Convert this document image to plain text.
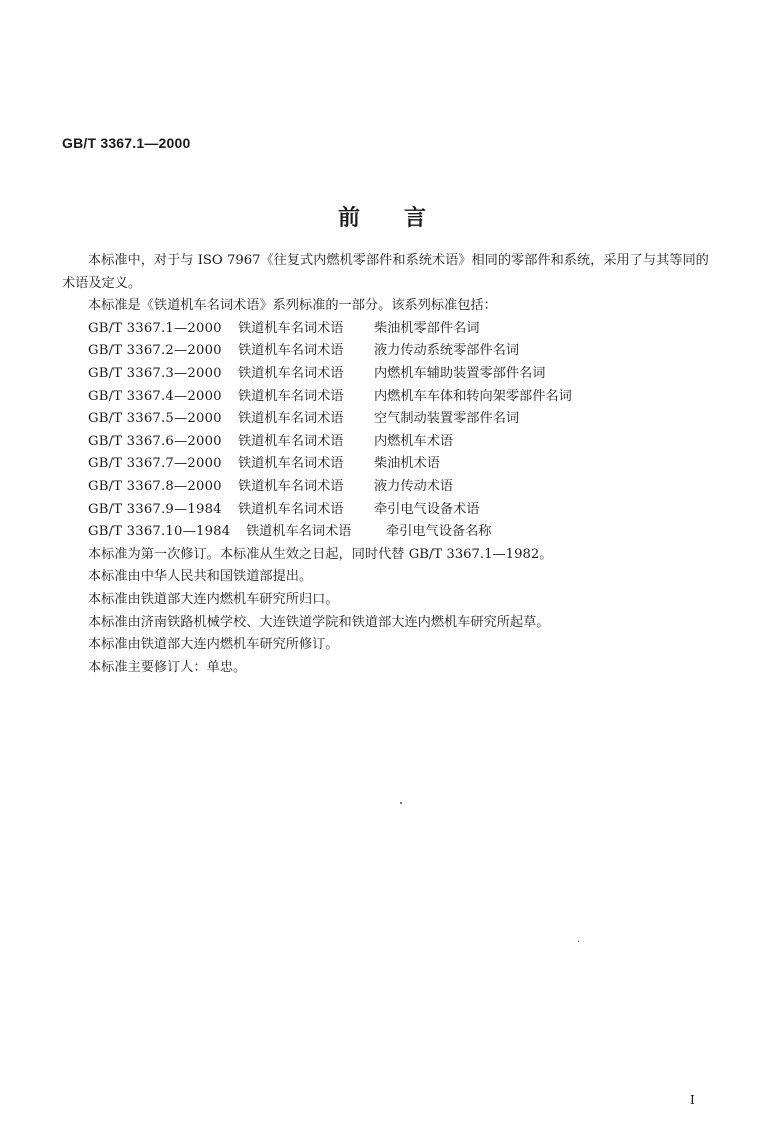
GB/T 3367.1—2000
前 言

本标准中，对于与 ISO 7967《往复式内燃机零部件和系统术语》相同的零部件和系统，采用了与其等同的术语及定义。

本标准是《铁道机车名词术语》系列标准的一部分。该系列标准包括：

GB/T 3367.1—2000	铁道机车名词术语	柴油机零部件名词
GB/T 3367.2—2000	铁道机车名词术语	液力传动系统零部件名词
GB/T 3367.3—2000	铁道机车名词术语	内燃机车辅助装置零部件名词
GB/T 3367.4—2000	铁道机车名词术语	内燃机车车体和转向架零部件名词
GB/T 3367.5—2000	铁道机车名词术语	空气制动装置零部件名词
GB/T 3367.6—2000	铁道机车名词术语	内燃机车术语
GB/T 3367.7—2000	铁道机车名词术语	柴油机术语
GB/T 3367.8—2000	铁道机车名词术语	液力传动术语
GB/T 3367.9—1984	铁道机车名词术语	牵引电气设备术语
GB/T 3367.10—1984	铁道机车名词术语	牵引电气设备名称

本标准为第一次修订。本标准从生效之日起，同时代替 GB/T 3367.1—1982。

本标准由中华人民共和国铁道部提出。

本标准由铁道部大连内燃机车研究所归口。

本标准由济南铁路机械学校、大连铁道学院和铁道部大连内燃机车研究所起草。

本标准由铁道部大连内燃机车研究所修订。

本标准主要修订人：单忠。

I
